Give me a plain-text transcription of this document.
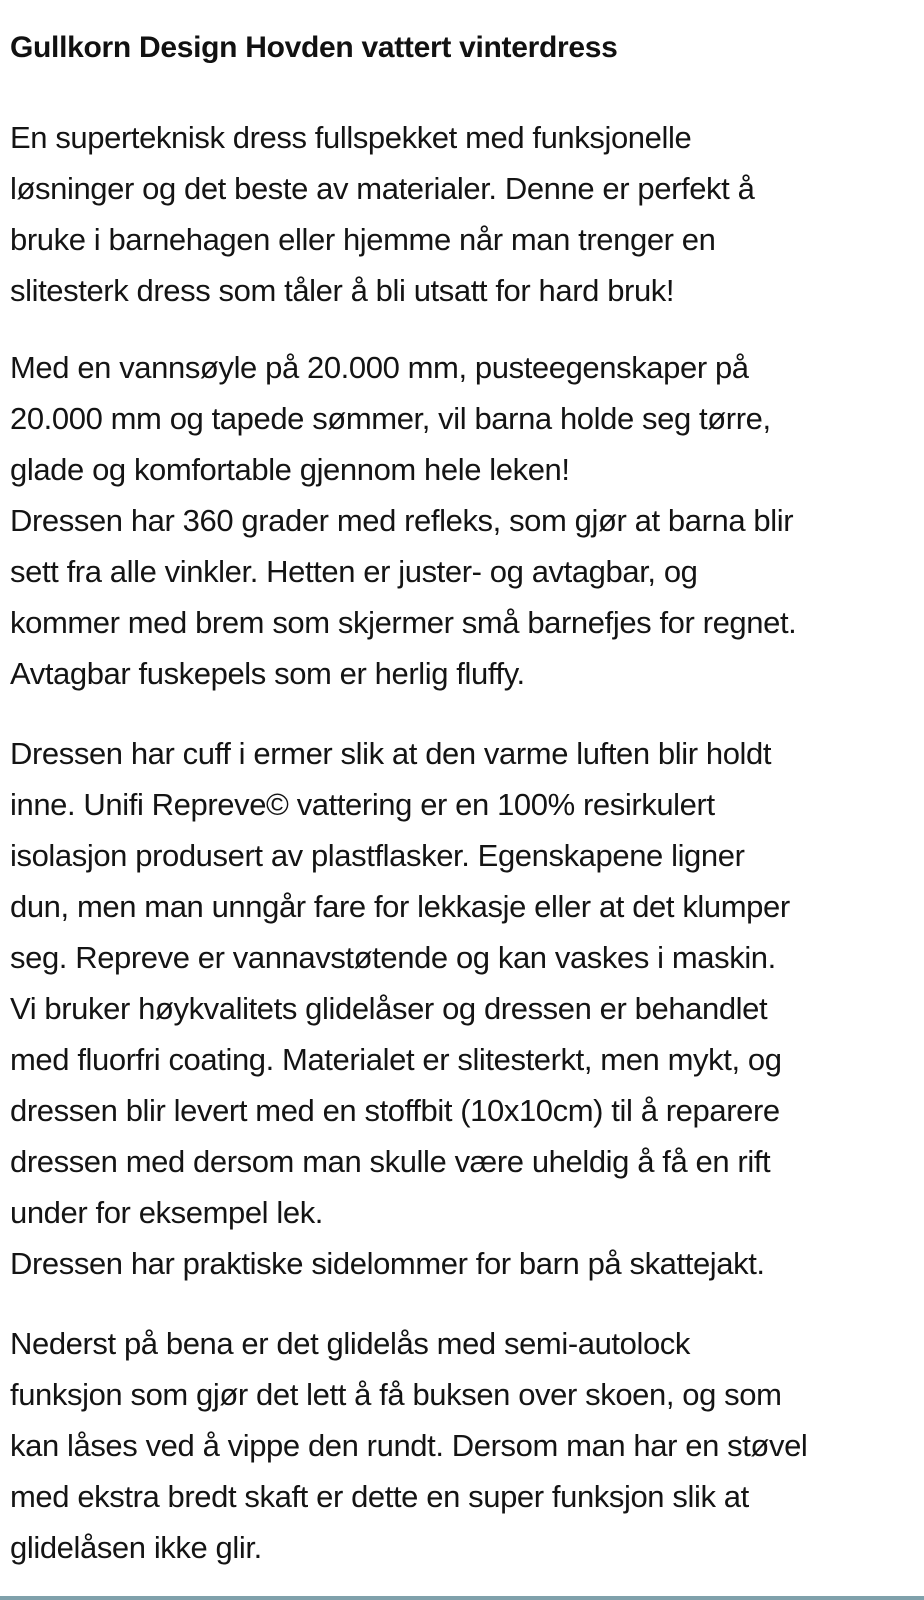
Gullkorn Design Hovden vattert vinterdress
En superteknisk dress fullspekket med funksjonelle
løsninger og det beste av materialer. Denne er perfekt å
bruke i barnehagen eller hjemme når man trenger en
slitesterk dress som tåler å bli utsatt for hard bruk!
Med en vannsøyle på 20.000 mm, pusteegenskaper på
20.000 mm og tapede sømmer, vil barna holde seg tørre,
glade og komfortable gjennom hele leken!
Dressen har 360 grader med refleks, som gjør at barna blir
sett fra alle vinkler. Hetten er juster- og avtagbar, og
kommer med brem som skjermer små barnefjes for regnet.
Avtagbar fuskepels som er herlig fluffy.
Dressen har cuff i ermer slik at den varme luften blir holdt
inne. Unifi Repreve© vattering er en 100% resirkulert
isolasjon produsert av plastflasker. Egenskapene ligner
dun, men man unngår fare for lekkasje eller at det klumper
seg. Repreve er vannavstøtende og kan vaskes i maskin.
Vi bruker høykvalitets glidelåser og dressen er behandlet
med fluorfri coating. Materialet er slitesterkt, men mykt, og
dressen blir levert med en stoffbit (10x10cm) til å reparere
dressen med dersom man skulle være uheldig å få en rift
under for eksempel lek.
Dressen har praktiske sidelommer for barn på skattejakt.
Nederst på bena er det glidelås med semi-autolock
funksjon som gjør det lett å få buksen over skoen, og som
kan låses ved å vippe den rundt. Dersom man har en støvel
med ekstra bredt skaft er dette en super funksjon slik at
glidelåsen ikke glir.
